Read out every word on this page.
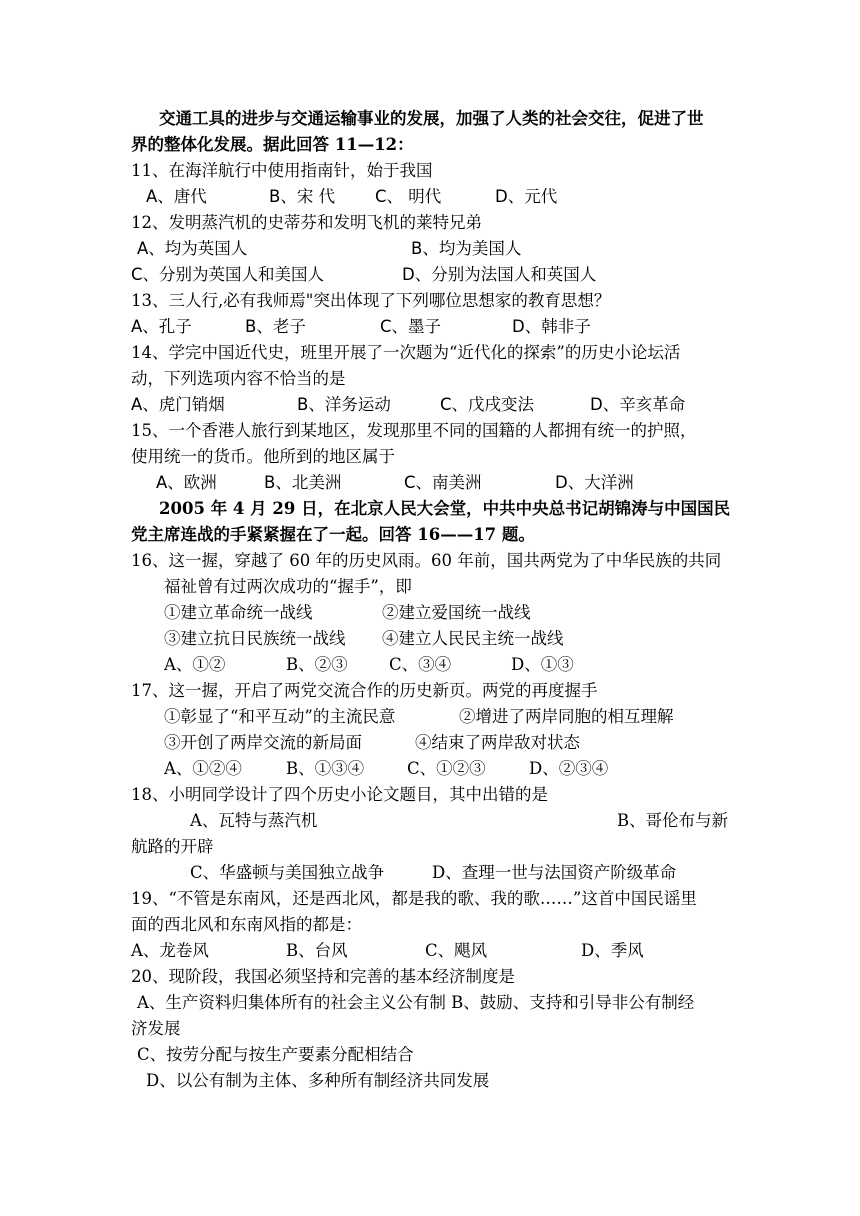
交通工具的进步与交通运输事业的发展，加强了人类的社会交往，促进了世
界的整体化发展。据此回答 11—12：
11、在海洋航行中使用指南针，始于我国
A、唐代	B、宋 代 C、 明代	D、元代
12、发明蒸汽机的史蒂芬和发明飞机的莱特兄弟
A、均为英国人	B、均为美国人
C、分别为英国人和美国人	D、分别为法国人和英国人
13、三人行,必有我师焉"突出体现了下列哪位思想家的教育思想？
A、孔子	B、老子	C、墨子	D、韩非子
14、学完中国近代史，班里开展了一次题为“近代化的探索”的历史小论坛活
动，下列选项内容不恰当的是
A、虎门销烟	B、洋务运动	C、戊戌变法	D、辛亥革命
15、一个香港人旅行到某地区，发现那里不同的国籍的人都拥有统一的护照，
使用统一的货币。他所到的地区属于
A、欧洲	B、北美洲	C、南美洲	D、大洋洲
2005 年 4 月 29 日，在北京人民大会堂，中共中央总书记胡锦涛与中国国民
党主席连战的手紧紧握在了一起。回答 16——17 题。
16、这一握，穿越了 60 年的历史风雨。60 年前，国共两党为了中华民族的共同
福祉曾有过两次成功的“握手”，即
①建立革命统一战线	②建立爱国统一战线
③建立抗日民族统一战线 ④建立人民民主统一战线
A、①②	B、②③	C、③④	D、①③
17、这一握，开启了两党交流合作的历史新页。两党的再度握手
①彰显了“和平互动”的主流民意	②增进了两岸同胞的相互理解
③开创了两岸交流的新局面	④结束了两岸敌对状态
A、①②④	B、①③④	C、①②③	D、②③④
18、小明同学设计了四个历史小论文题目，其中出错的是
A、瓦特与蒸汽机	B、哥伦布与新
航路的开辟
C、华盛顿与美国独立战争	D、查理一世与法国资产阶级革命
19、“不管是东南风，还是西北风，都是我的歌、我的歌……”这首中国民谣里
面的西北风和东南风指的都是：
A、龙卷风	B、台风	C、飓风	D、季风
20、现阶段，我国必须坚持和完善的基本经济制度是
A、生产资料归集体所有的社会主义公有制 B、鼓励、支持和引导非公有制经
济发展
C、按劳分配与按生产要素分配相结合
D、以公有制为主体、多种所有制经济共同发展
